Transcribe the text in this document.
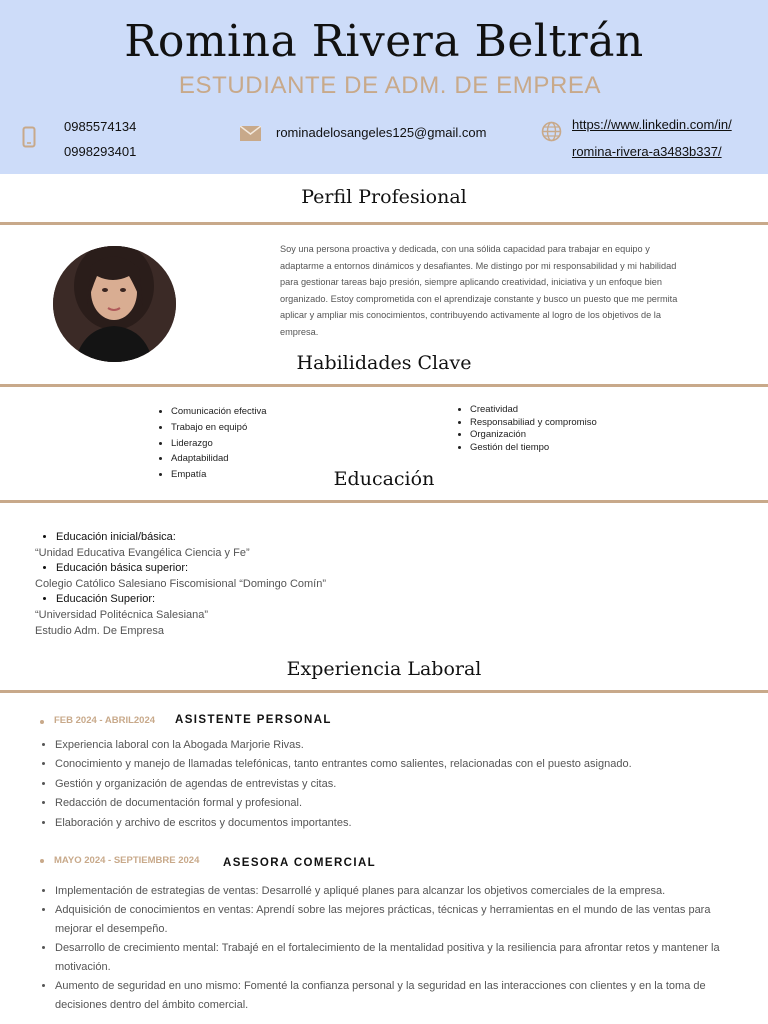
Romina Rivera Beltrán
ESTUDIANTE DE ADM. DE EMPREA
0985574134
0998293401
rominadelosangeles125@gmail.com
https://www.linkedin.com/in/
romina-rivera-a3483b337/
Perfil Profesional
Soy una persona proactiva y dedicada, con una sólida capacidad para trabajar en equipo y adaptarme a entornos dinámicos y desafiantes. Me distingo por mi responsabilidad y mi habilidad para gestionar tareas bajo presión, siempre aplicando creatividad, iniciativa y un enfoque bien organizado. Estoy comprometida con el aprendizaje constante y busco un puesto que me permita aplicar y ampliar mis conocimientos, contribuyendo activamente al logro de los objetivos de la empresa.
Habilidades Clave
• Comunicación efectiva
• Trabajo en equipó
• Liderazgo
• Adaptabilidad
• Empatía
• Creatividad
• Responsabiliad y compromiso
• Organización
• Gestión del tiempo
Educación
• Educación inicial/básica:
“Unidad Educativa Evangélica Ciencia y Fe”
• Educación básica superior:
Colegio Católico Salesiano Fiscomisional “Domingo Comín”
• Educación Superior:
“Universidad Politécnica Salesiana”
Estudio Adm. De Empresa
Experiencia Laboral
FEB 2024 - ABRIL2024 ASISTENTE PERSONAL
• Experiencia laboral con la Abogada Marjorie Rivas.
• Conocimiento y manejo de llamadas telefónicas, tanto entrantes como salientes, relacionadas con el puesto asignado.
• Gestión y organización de agendas de entrevistas y citas.
• Redacción de documentación formal y profesional.
• Elaboración y archivo de escritos y documentos importantes.
MAYO 2024 - SEPTIEMBRE 2024 ASESORA COMERCIAL
• Implementación de estrategias de ventas: Desarrollé y apliqué planes para alcanzar los objetivos comerciales de la empresa.
• Adquisición de conocimientos en ventas: Aprendí sobre las mejores prácticas, técnicas y herramientas en el mundo de las ventas para mejorar el desempeño.
• Desarrollo de crecimiento mental: Trabajé en el fortalecimiento de la mentalidad positiva y la resiliencia para afrontar retos y mantener la motivación.
• Aumento de seguridad en uno mismo: Fomenté la confianza personal y la seguridad en las interacciones con clientes y en la toma de decisiones dentro del ámbito comercial.
